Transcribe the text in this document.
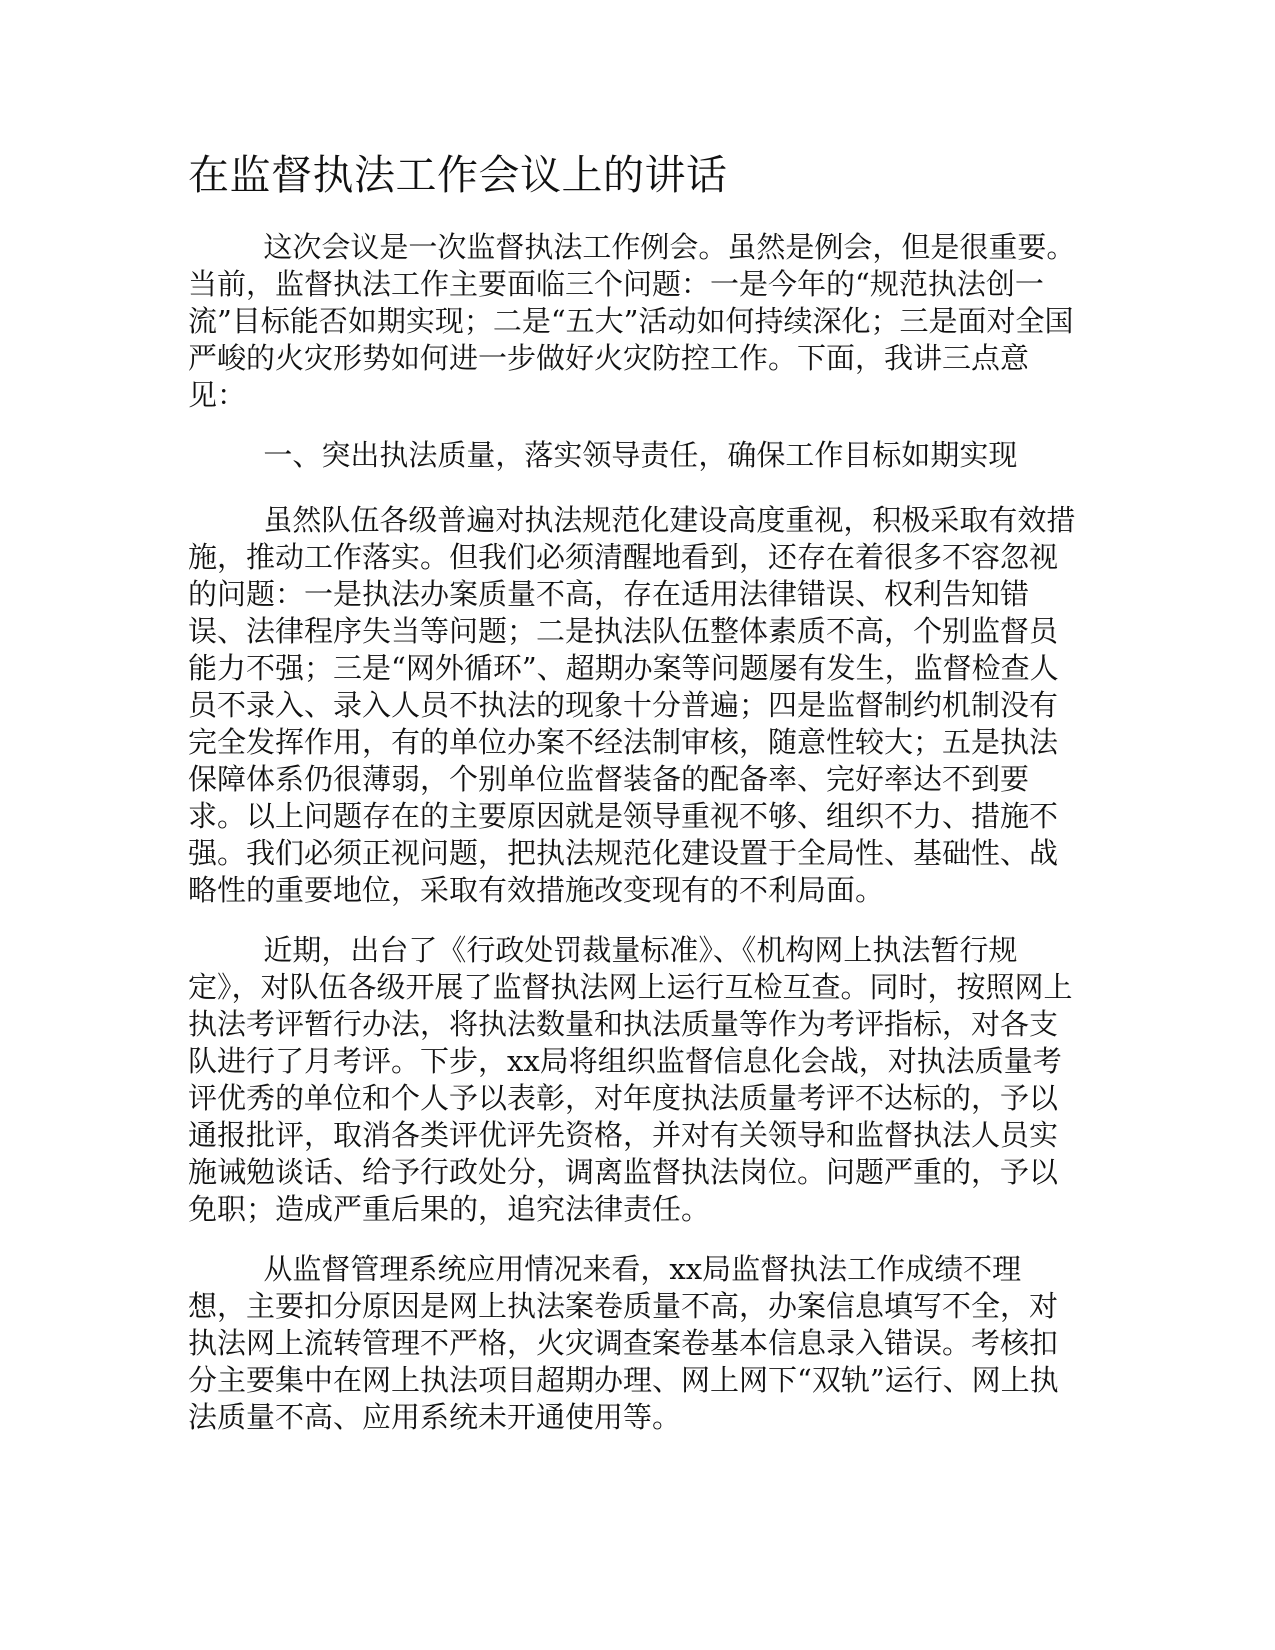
在监督执法工作会议上的讲话

这次会议是一次监督执法工作例会。虽然是例会，但是很重要。当前，监督执法工作主要面临三个问题：一是今年的“规范执法创一流”目标能否如期实现；二是“五大”活动如何持续深化；三是面对全国严峻的火灾形势如何进一步做好火灾防控工作。下面，我讲三点意见：

一、突出执法质量，落实领导责任，确保工作目标如期实现

虽然队伍各级普遍对执法规范化建设高度重视，积极采取有效措施，推动工作落实。但我们必须清醒地看到，还存在着很多不容忽视的问题：一是执法办案质量不高，存在适用法律错误、权利告知错误、法律程序失当等问题；二是执法队伍整体素质不高，个别监督员能力不强；三是“网外循环”、超期办案等问题屡有发生，监督检查人员不录入、录入人员不执法的现象十分普遍；四是监督制约机制没有完全发挥作用，有的单位办案不经法制审核，随意性较大；五是执法保障体系仍很薄弱，个别单位监督装备的配备率、完好率达不到要求。以上问题存在的主要原因就是领导重视不够、组织不力、措施不强。我们必须正视问题，把执法规范化建设置于全局性、基础性、战略性的重要地位，采取有效措施改变现有的不利局面。

近期，出台了《行政处罚裁量标准》、《机构网上执法暂行规定》，对队伍各级开展了监督执法网上运行互检互查。同时，按照网上执法考评暂行办法，将执法数量和执法质量等作为考评指标，对各支队进行了月考评。下步，xx局将组织监督信息化会战，对执法质量考评优秀的单位和个人予以表彰，对年度执法质量考评不达标的，予以通报批评，取消各类评优评先资格，并对有关领导和监督执法人员实施诫勉谈话、给予行政处分，调离监督执法岗位。问题严重的，予以免职；造成严重后果的，追究法律责任。

从监督管理系统应用情况来看，xx局监督执法工作成绩不理想，主要扣分原因是网上执法案卷质量不高，办案信息填写不全，对执法网上流转管理不严格，火灾调查案卷基本信息录入错误。考核扣分主要集中在网上执法项目超期办理、网上网下“双轨”运行、网上执法质量不高、应用系统未开通使用等。
